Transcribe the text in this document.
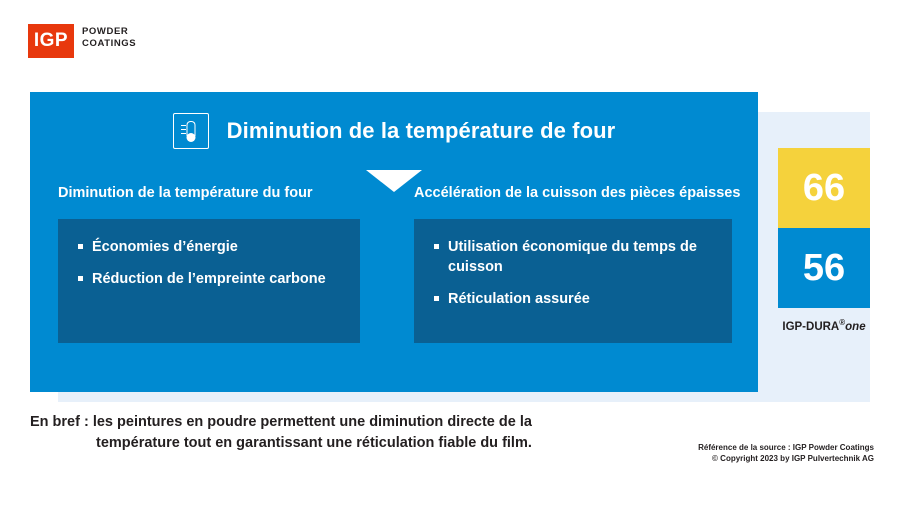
IGP	POWDER
COATINGS
Diminution de la température de four
Diminution de la température du four
Économies d’énergie
Réduction de l’empreinte carbone
Accélération de la cuisson des pièces épaisses
Utilisation économique du temps de cuisson
Réticulation assurée
66
56
IGP-DURA®one
En bref : les peintures en poudre permettent une diminution directe de la
température tout en garantissant une réticulation fiable du film.	Référence de la source : IGP Powder Coatings
© Copyright 2023 by IGP Pulvertechnik AG
